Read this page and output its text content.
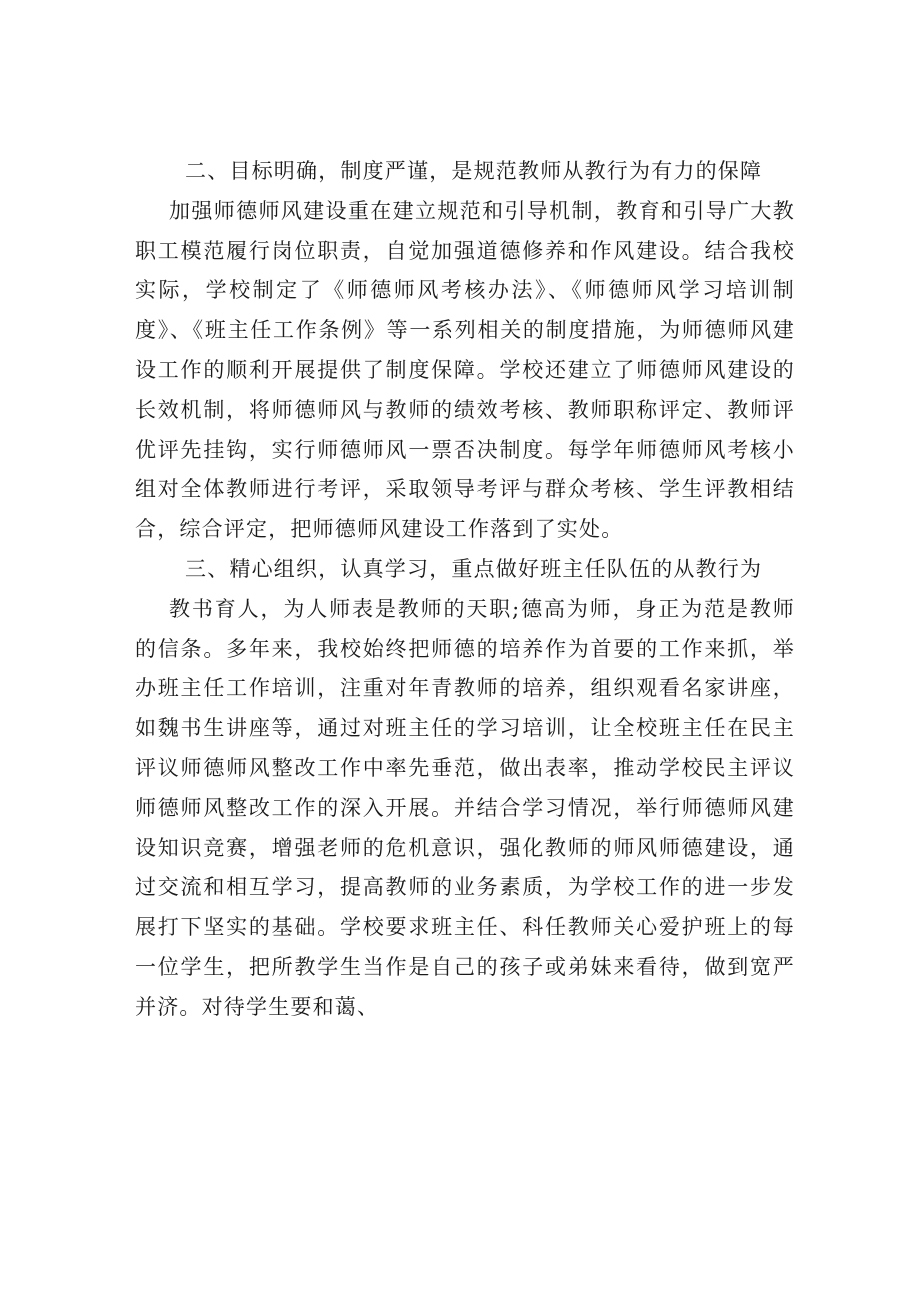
二、目标明确，制度严谨，是规范教师从教行为有力的保障

加强师德师风建设重在建立规范和引导机制，教育和引导广大教职工模范履行岗位职责，自觉加强道德修养和作风建设。结合我校实际，学校制定了《师德师风考核办法》、《师德师风学习培训制度》、《班主任工作条例》等一系列相关的制度措施，为师德师风建设工作的顺利开展提供了制度保障。学校还建立了师德师风建设的长效机制，将师德师风与教师的绩效考核、教师职称评定、教师评优评先挂钩，实行师德师风一票否决制度。每学年师德师风考核小组对全体教师进行考评，采取领导考评与群众考核、学生评教相结合，综合评定，把师德师风建设工作落到了实处。

三、精心组织，认真学习，重点做好班主任队伍的从教行为

教书育人，为人师表是教师的天职;德高为师，身正为范是教师的信条。多年来，我校始终把师德的培养作为首要的工作来抓，举办班主任工作培训，注重对年青教师的培养，组织观看名家讲座，如魏书生讲座等，通过对班主任的学习培训，让全校班主任在民主评议师德师风整改工作中率先垂范，做出表率，推动学校民主评议师德师风整改工作的深入开展。并结合学习情况，举行师德师风建设知识竞赛，增强老师的危机意识，强化教师的师风师德建设，通过交流和相互学习，提高教师的业务素质，为学校工作的进一步发展打下坚实的基础。学校要求班主任、科任教师关心爱护班上的每一位学生，把所教学生当作是自己的孩子或弟妹来看待，做到宽严并济。对待学生要和蔼、
